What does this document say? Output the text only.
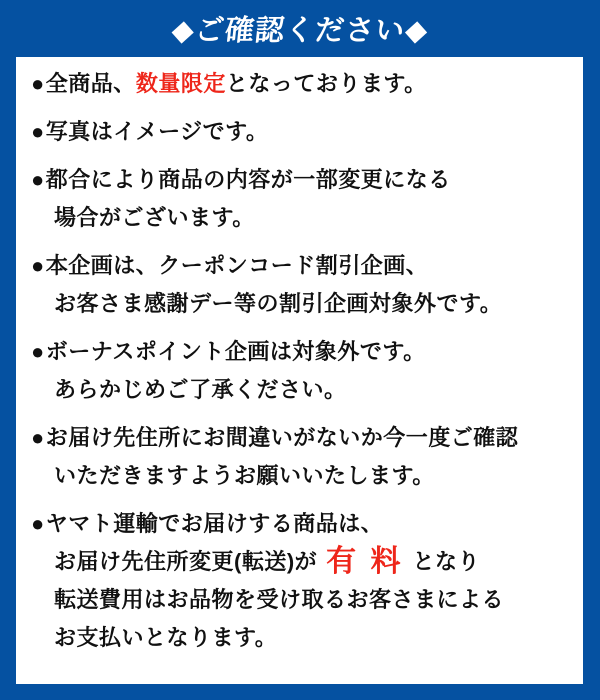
◆ご確認ください◆
●全商品、数量限定となっております。
●写真はイメージです。
●都合により商品の内容が一部変更になる
場合がございます。
●本企画は、クーポンコード割引企画、
お客さま感謝デー等の割引企画対象外です。
●ボーナスポイント企画は対象外です。
あらかじめご了承ください。
●お届け先住所にお間違いがないか今一度ご確認
いただきますようお願いいたします。
●ヤマト運輸でお届けする商品は、
お届け先住所変更(転送)が 有 料 となり
転送費用はお品物を受け取るお客さまによる
お支払いとなります。
